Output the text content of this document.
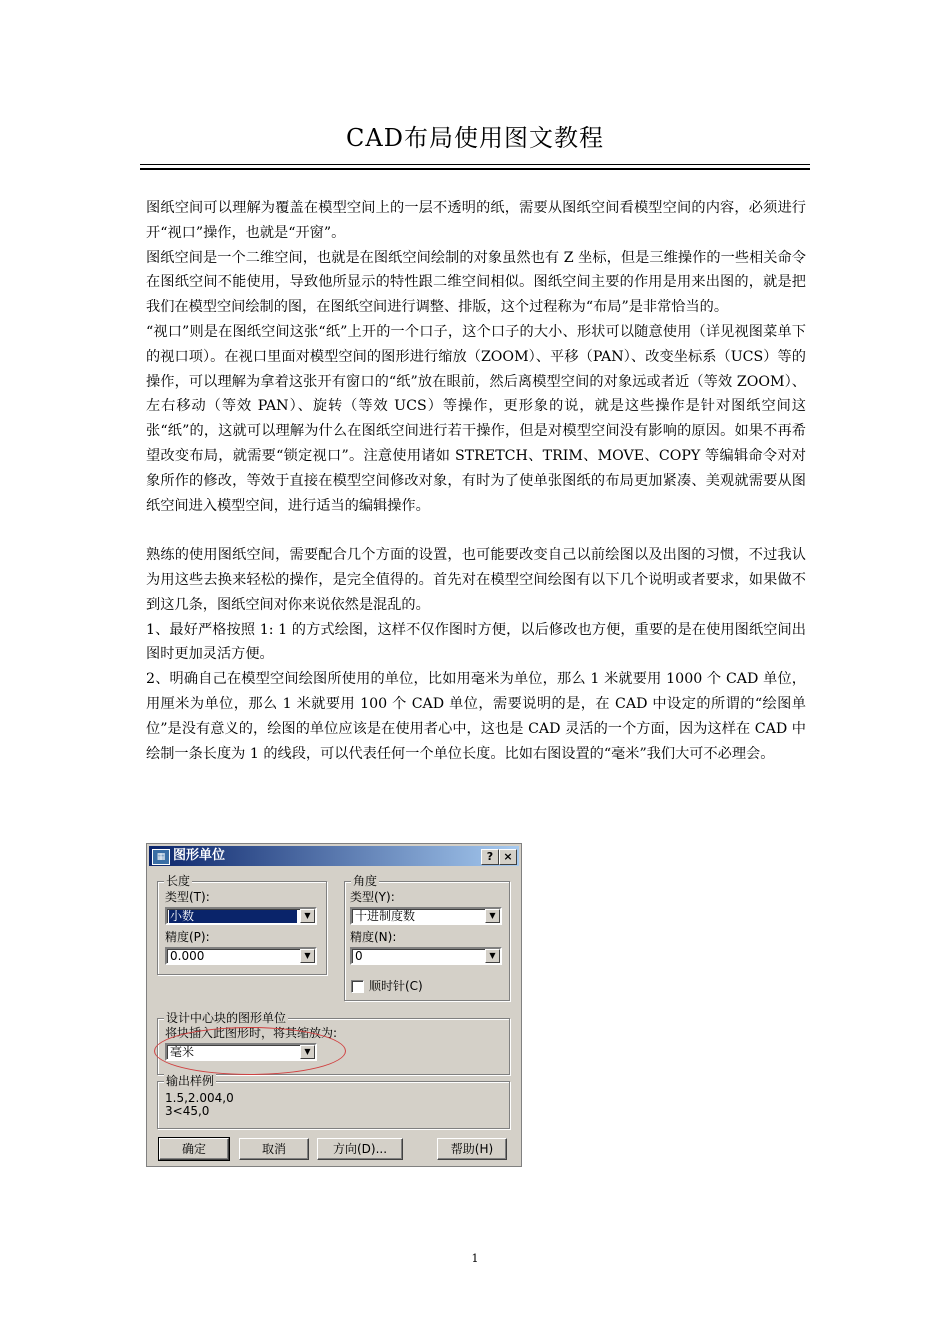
CAD布局使用图文教程

图纸空间可以理解为覆盖在模型空间上的一层不透明的纸，需要从图纸空间看模型空间的内容，必须进行开“视口”操作，也就是“开窗”。

图纸空间是一个二维空间，也就是在图纸空间绘制的对象虽然也有 Z 坐标，但是三维操作的一些相关命令在图纸空间不能使用，导致他所显示的特性跟二维空间相似。图纸空间主要的作用是用来出图的，就是把我们在模型空间绘制的图，在图纸空间进行调整、排版，这个过程称为“布局”是非常恰当的。

“视口”则是在图纸空间这张“纸”上开的一个口子，这个口子的大小、形状可以随意使用（详见视图菜单下的视口项）。在视口里面对模型空间的图形进行缩放（ZOOM）、平移（PAN）、改变坐标系（UCS）等的操作，可以理解为拿着这张开有窗口的“纸”放在眼前，然后离模型空间的对象远或者近（等效 ZOOM）、左右移动（等效 PAN）、旋转（等效 UCS）等操作，更形象的说，就是这些操作是针对图纸空间这张“纸”的，这就可以理解为什么在图纸空间进行若干操作，但是对模型空间没有影响的原因。如果不再希望改变布局，就需要“锁定视口”。注意使用诸如 STRETCH、TRIM、MOVE、COPY 等编辑命令对对象所作的修改，等效于直接在模型空间修改对象，有时为了使单张图纸的布局更加紧凑、美观就需要从图纸空间进入模型空间，进行适当的编辑操作。

熟练的使用图纸空间，需要配合几个方面的设置，也可能要改变自己以前绘图以及出图的习惯，不过我认为用这些去换来轻松的操作，是完全值得的。首先对在模型空间绘图有以下几个说明或者要求，如果做不到这几条，图纸空间对你来说依然是混乱的。

1、最好严格按照 1: 1 的方式绘图，这样不仅作图时方便，以后修改也方便，重要的是在使用图纸空间出图时更加灵活方便。

2、明确自己在模型空间绘图所使用的单位，比如用毫米为单位，那么 1 米就要用 1000 个 CAD 单位，用厘米为单位，那么 1 米就要用 100 个 CAD 单位，需要说明的是，在 CAD 中设定的所谓的“绘图单位”是没有意义的，绘图的单位应该是在使用者心中，这也是 CAD 灵活的一个方面，因为这样在 CAD 中绘制一条长度为 1 的线段，可以代表任何一个单位长度。比如右图设置的“毫米”我们大可不必理会。

▦ 图形单位	? ×
长度
类型(T):
小数	▼
精度(P):
0.000	▼
角度
类型(Y):
十进制度数	▼
精度(N):
0	▼
顺时针(C)
设计中心块的图形单位
将块插入此图形时，将其缩放为:
毫米	▼
输出样例
1.5,2.004,0
3<45,0
确定	取消	方向(D)...	帮助(H)
1
